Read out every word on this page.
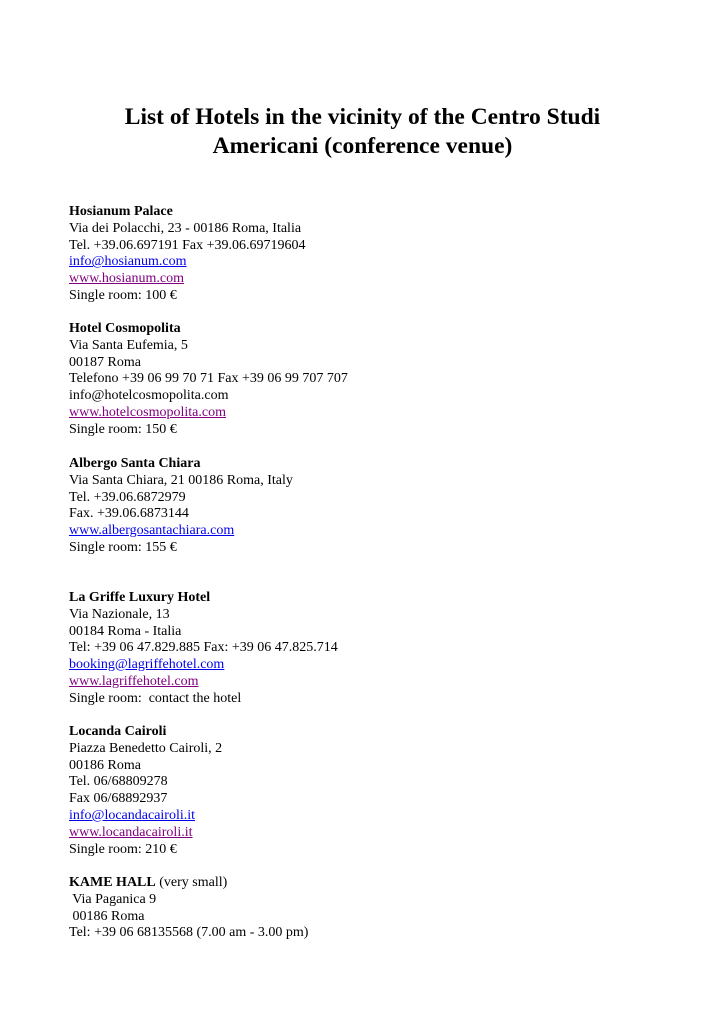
List of Hotels in the vicinity of the Centro Studi
Americani (conference venue)
Hosianum Palace
Via dei Polacchi, 23 - 00186 Roma, Italia
Tel. +39.06.697191 Fax +39.06.69719604
info@hosianum.com
www.hosianum.com
Single room: 100 €
Hotel Cosmopolita
Via Santa Eufemia, 5
00187 Roma
Telefono +39 06 99 70 71 Fax +39 06 99 707 707
info@hotelcosmopolita.com
www.hotelcosmopolita.com
Single room: 150 €
Albergo Santa Chiara
Via Santa Chiara, 21 00186 Roma, Italy
Tel. +39.06.6872979
Fax. +39.06.6873144
www.albergosantachiara.com
Single room: 155 €
La Griffe Luxury Hotel
Via Nazionale, 13
00184 Roma - Italia
Tel: +39 06 47.829.885 Fax: +39 06 47.825.714
booking@lagriffehotel.com
www.lagriffehotel.com
Single room:  contact the hotel
Locanda Cairoli
Piazza Benedetto Cairoli, 2
00186 Roma
Tel. 06/68809278
Fax 06/68892937
info@locandacairoli.it
www.locandacairoli.it
Single room: 210 €
KAME HALL (very small)
Via Paganica 9
00186 Roma
Tel: +39 06 68135568 (7.00 am - 3.00 pm)
